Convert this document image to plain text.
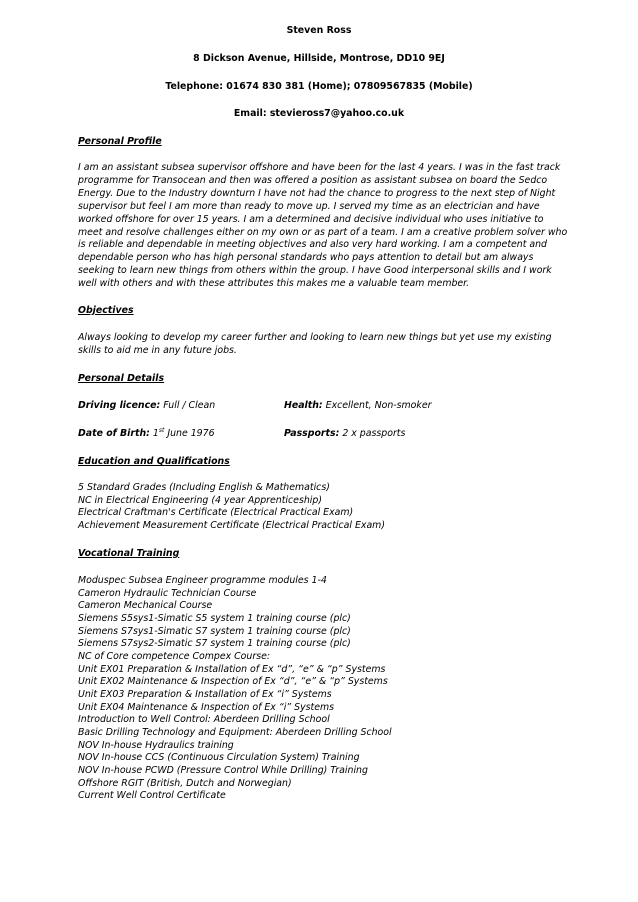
Steven Ross
8 Dickson Avenue, Hillside, Montrose, DD10 9EJ
Telephone: 01674 830 381 (Home); 07809567835 (Mobile)
Email: stevieross7@yahoo.co.uk
Personal Profile

I am an assistant subsea supervisor offshore and have been for the last 4 years. I was in the fast track programme for Transocean and then was offered a position as assistant subsea on board the Sedco Energy. Due to the Industry downturn I have not had the chance to progress to the next step of Night supervisor but feel I am more than ready to move up. I served my time as an electrician and have worked offshore for over 15 years. I am a determined and decisive individual who uses initiative to meet and resolve challenges either on my own or as part of a team. I am a creative problem solver who is reliable and dependable in meeting objectives and also very hard working. I am a competent and dependable person who has high personal standards who pays attention to detail but am always seeking to learn new things from others within the group. I have Good interpersonal skills and I work well with others and with these attributes this makes me a valuable team member.

Objectives

Always looking to develop my career further and looking to learn new things but yet use my existing skills to aid me in any future jobs.

Personal Details
Driving licence: Full / Clean	Health: Excellent, Non-smoker
Date of Birth: 1st June 1976	Passports: 2 x passports
Education and Qualifications
5 Standard Grades (Including English & Mathematics)
NC in Electrical Engineering (4 year Apprenticeship)
Electrical Craftman's Certificate (Electrical Practical Exam)
Achievement Measurement Certificate (Electrical Practical Exam)
Vocational Training
Moduspec Subsea Engineer programme modules 1-4
Cameron Hydraulic Technician Course
Cameron Mechanical Course
Siemens S5sys1-Simatic S5 system 1 training course (plc)
Siemens S7sys1-Simatic S7 system 1 training course (plc)
Siemens S7sys2-Simatic S7 system 1 training course (plc)
NC of Core competence Compex Course:
Unit EX01 Preparation & Installation of Ex “d”, “e” & “p” Systems
Unit EX02 Maintenance & Inspection of Ex “d”, “e” & “p” Systems
Unit EX03 Preparation & Installation of Ex “i” Systems
Unit EX04 Maintenance & Inspection of Ex “i” Systems
Introduction to Well Control: Aberdeen Drilling School
Basic Drilling Technology and Equipment: Aberdeen Drilling School
NOV In-house Hydraulics training
NOV In-house CCS (Continuous Circulation System) Training
NOV In-house PCWD (Pressure Control While Drilling) Training
Offshore RGIT (British, Dutch and Norwegian)
Current Well Control Certificate
